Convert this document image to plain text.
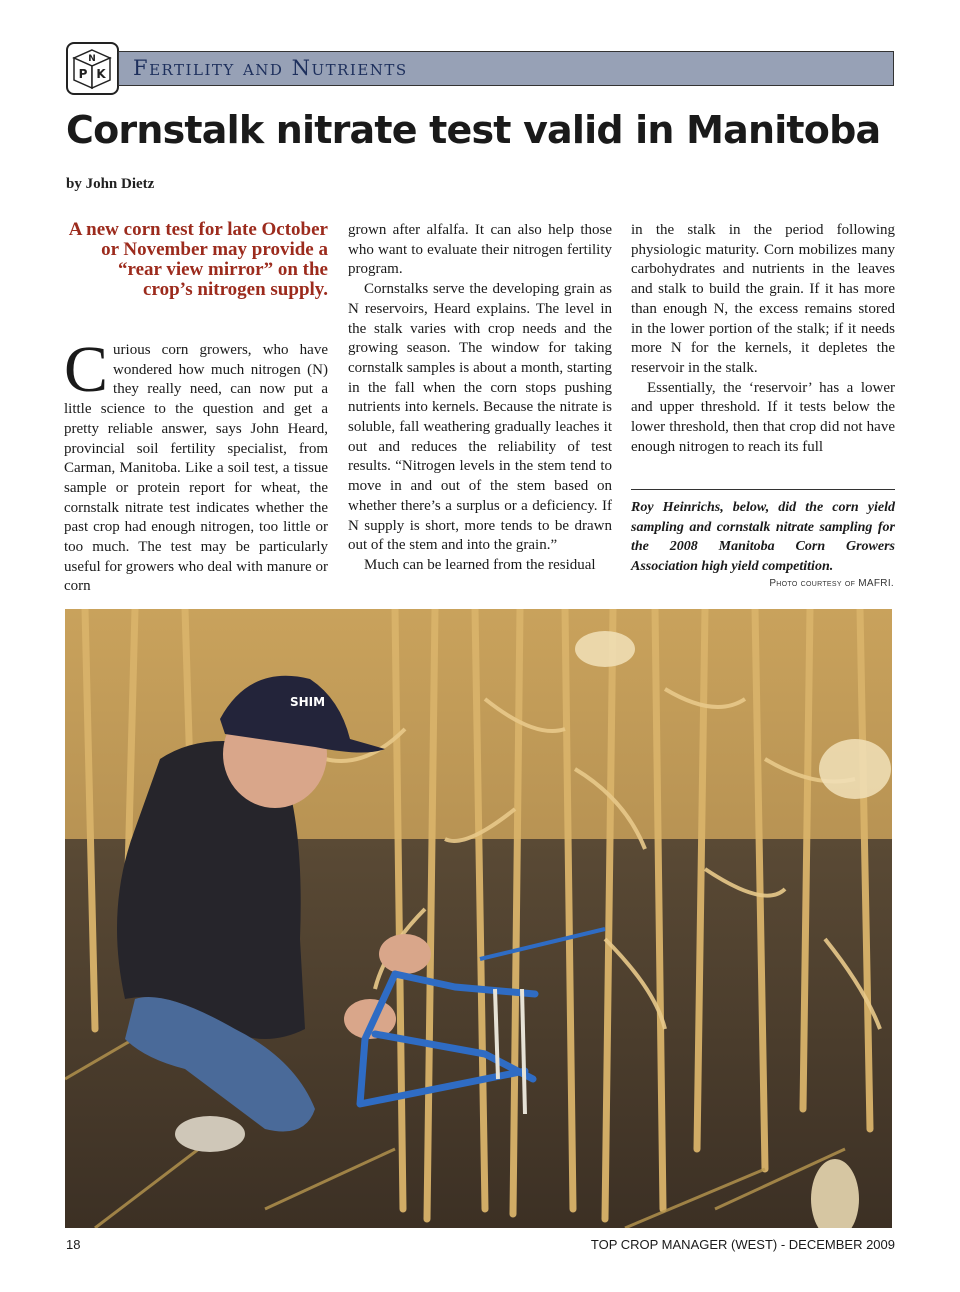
N
P K Fertility and Nutrients
Cornstalk nitrate test valid in Manitoba
by John Dietz

A new corn test for late October or November may provide a “rear view mirror” on the crop’s nitrogen supply.

Curious corn growers, who have wondered how much nitrogen (N) they really need, can now put a little science to the question and get a pretty reliable answer, says John Heard, provincial soil fertility specialist, from Carman, Manitoba. Like a soil test, a tissue sample or protein report for wheat, the cornstalk nitrate test indicates whether the past crop had enough nitrogen, too little or too much. The test may be particularly useful for growers who deal with manure or corn

grown after alfalfa. It can also help those who want to evaluate their nitrogen fertility program.

Cornstalks serve the developing grain as N reservoirs, Heard explains. The level in the stalk varies with crop needs and the growing season. The window for taking cornstalk samples is about a month, starting in the fall when the corn stops pushing nutrients into kernels. Because the nitrate is soluble, fall weathering gradually leaches it out and reduces the reliability of test results. “Nitrogen levels in the stem tend to move in and out of the stem based on whether there’s a surplus or a deficiency. If N supply is short, more tends to be drawn out of the stem and into the grain.”

Much can be learned from the residual

in the stalk in the period following physiologic maturity. Corn mobilizes many carbohydrates and nutrients in the leaves and stalk to build the grain. If it has more than enough N, the excess remains stored in the lower portion of the stalk; if it needs more N for the kernels, it depletes the reservoir in the stalk.

Essentially, the ‘reservoir’ has a lower and upper threshold. If it tests below the lower threshold, then that crop did not have enough nitrogen to reach its full

Roy Heinrichs, below, did the corn yield sampling and cornstalk nitrate sampling for the 2008 Manitoba Corn Growers Association high yield competition.

Photo courtesy of MAFRI.
SHIM
18	TOP CROP MANAGER (WEST) - DECEMBER 2009
